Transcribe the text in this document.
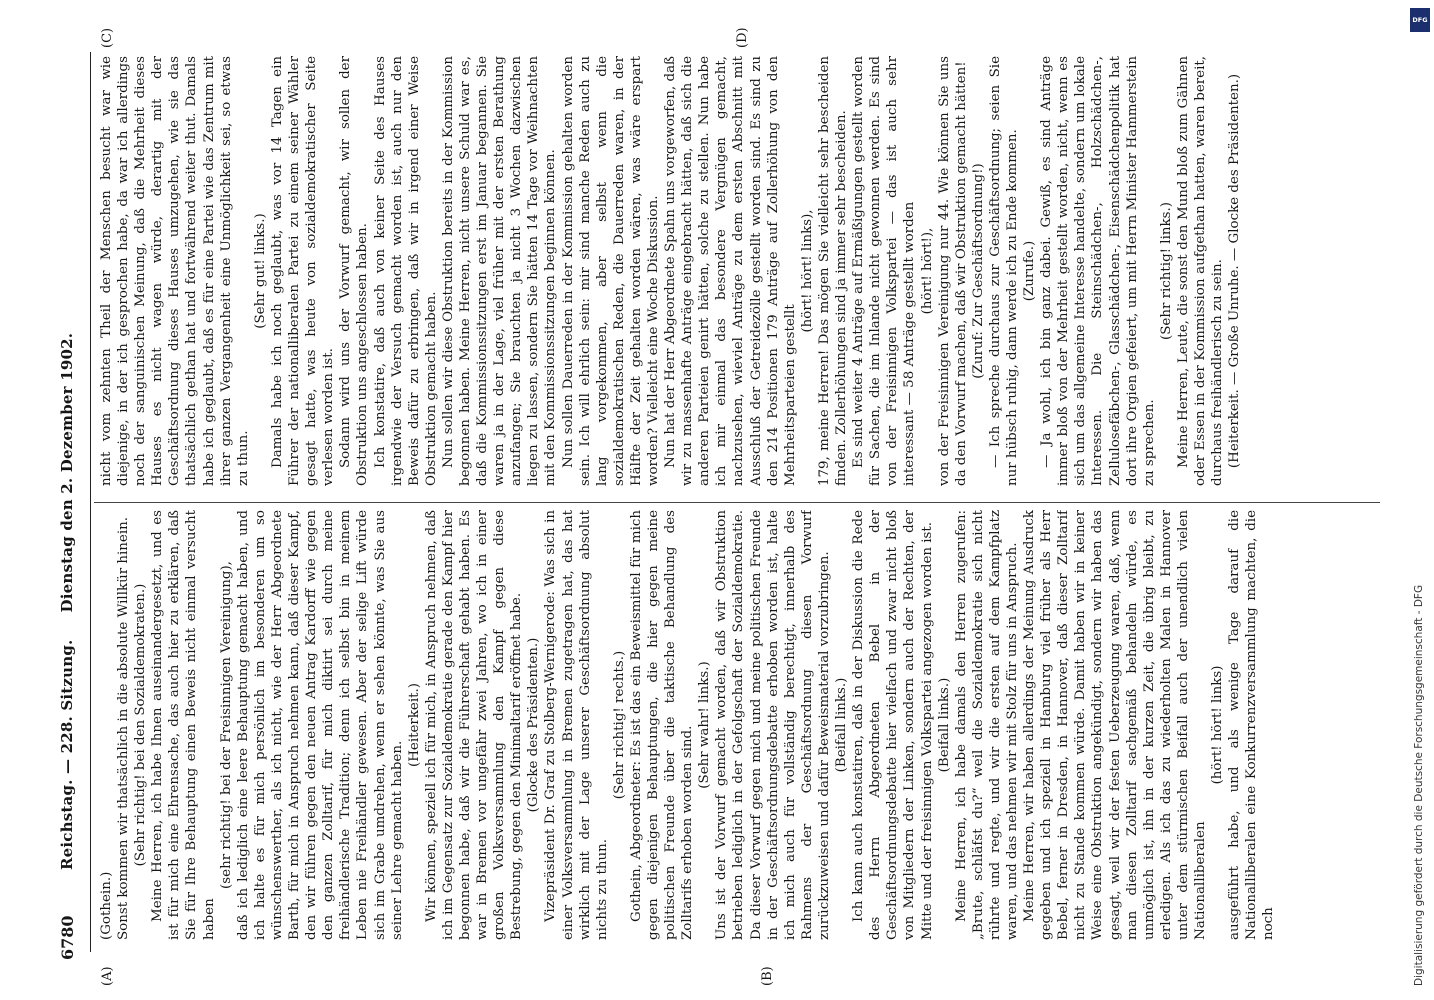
6780
Reichstag. — 228. Sitzung.     Dienstag den 2. Dezember 1902.
(A)	(B)
(C)	(D)

(Gothein.) Sonst kommen wir thatsächlich in die absolute Willkür hinein. (Sehr richtig! bei den Sozialdemokraten.) Meine Herren, ich habe Ihnen auseinandergesetzt, und es ist für mich eine Ehrensache, das auch hier zu erklären, daß Sie für Ihre Behauptung einen Beweis nicht einmal versucht haben

(sehr richtig! bei der Freisinnigen Vereinigung), daß ich lediglich eine leere Behauptung gemacht haben, und ich halte es für mich persönlich im besonderen um so wünschenswerther, als ich nicht, wie der Herr Abgeordnete Barth, für mich in Anspruch nehmen kann, daß dieser Kampf, den wir führen gegen den neuen Antrag Kardorff wie gegen den ganzen Zolltarif, für mich diktirt sei durch meine freihändlerische Tradition; denn ich selbst bin in meinem Leben nie Freihändler gewesen. Aber der selige Lift würde sich im Grabe umdrehen, wenn er sehen könnte, was Sie aus seiner Lehre gemacht haben.

(Heiterkeit.) Wir können, speziell ich für mich, in Anspruch nehmen, daß ich im Gegensatz zur Sozialdemokratie gerade den Kampf hier begonnen habe, daß wir die Führerschaft gehabt haben. Es war in Bremen vor ungefähr zwei Jahren, wo ich in einer großen Volksversammlung den Kampf gegen diese Bestrebung, gegen den Minimaltarif eröffnet habe. (Glocke des Präsidenten.) Vizepräsident Dr. Graf zu Stolberg-Wernigerode: Was sich in einer Volksversammlung in Bremen zugetragen hat, das hat wirklich mit der Lage unserer Geschäftsordnung absolut nichts zu thun.

(Sehr richtig! rechts.) Gothein, Abgeordneter: Es ist das ein Beweismittel für mich gegen diejenigen Behauptungen, die hier gegen meine politischen Freunde über die taktische Behandlung des Zolltarifs erhoben worden sind.

(Sehr wahr! links.) Uns ist der Vorwurf gemacht worden, daß wir Obstruktion betrieben lediglich in der Gefolgschaft der Sozialdemokratie. Da dieser Vorwurf gegen mich und meine politischen Freunde in der Geschäftsordnungsdebatte erhoben worden ist, halte ich mich auch für vollständig berechtigt, innerhalb des Rahmens der Geschäftsordnung diesen Vorwurf zurückzuweisen und dafür Beweismaterial vorzubringen. (Beifall links.) Ich kann auch konstatiren, daß in der Diskussion die Rede des Herrn Abgeordneten Bebel in der Geschäftsordnungsdebatte hier vielfach und zwar nicht bloß von Mitgliedern der Linken, sondern auch der Rechten, der Mitte und der freisinnigen Volkspartei angezogen worden ist. (Beifall links.) Meine Herren, ich habe damals den Herren zugerufen: „Brute, schläfst du?“ weil die Sozialdemokratie sich nicht rührte und regte, und wir die ersten auf dem Kampfplatz waren, und das nehmen wir mit Stolz für uns in Anspruch. Meine Herren, wir haben allerdings der Meinung Ausdruck gegeben und ich speziell in Hamburg viel früher als Herr Bebel, ferner in Dresden, in Hannover, daß dieser Zolltarif nicht zu Stande kommen würde. Damit haben wir in keiner Weise eine Obstruktion angekündigt, sondern wir haben das gesagt, weil wir der festen Ueberzeugung waren, daß, wenn man diesen Zolltarif sachgemäß behandeln würde, es unmöglich ist, ihn in der kurzen Zeit, die übrig bleibt, zu erledigen. Als ich das zu wiederholten Malen in Hannover unter dem stürmischen Beifall auch der unendlich vielen Nationalliberalen

(hört! hört! links) ausgeführt habe, und als wenige Tage darauf die Nationalliberalen eine Konkurrenzversammlung machten, die noch

nicht vom zehnten Theil der Menschen besucht war wie diejenige, in der ich gesprochen habe, da war ich allerdings noch der sanguinischen Meinung, daß die Mehrheit dieses Hauses es nicht wagen würde, derartig mit der Geschäftsordnung dieses Hauses umzugehen, wie sie das thatsächlich gethan hat und fortwährend weiter thut. Damals habe ich geglaubt, daß es für eine Partei wie das Zentrum mit ihrer ganzen Vergangenheit eine Unmöglichkeit sei, so etwas zu thun.

(Sehr gut! links.) Damals habe ich noch geglaubt, was vor 14 Tagen ein Führer der nationalliberalen Partei zu einem seiner Wähler gesagt hatte, was heute von sozialdemokratischer Seite verlesen worden ist. Sodann wird uns der Vorwurf gemacht, wir sollen der Obstruktion uns angeschlossen haben. Ich konstatire, daß auch von keiner Seite des Hauses irgendwie der Versuch gemacht worden ist, auch nur den Beweis dafür zu erbringen, daß wir in irgend einer Weise Obstruktion gemacht haben. Nun sollen wir diese Obstruktion bereits in der Kommission begonnen haben. Meine Herren, nicht unsere Schuld war es, daß die Kommissionssitzungen erst im Januar begannen. Sie waren ja in der Lage, viel früher mit der ersten Berathung anzufangen; Sie brauchten ja nicht 3 Wochen dazwischen liegen zu lassen, sondern Sie hätten 14 Tage vor Weihnachten mit den Kommissionssitzungen beginnen können. Nun sollen Dauerreden in der Kommission gehalten worden sein. Ich will ehrlich sein: mir sind manche Reden auch zu lang vorgekommen, aber selbst wenn die sozialdemokratischen Reden, die Dauerreden waren, in der Hälfte der Zeit gehalten worden wären, was wäre erspart worden? Vielleicht eine Woche Diskussion. Nun hat der Herr Abgeordnete Spahn uns vorgeworfen, daß wir zu massenhafte Anträge eingebracht hätten, daß sich die anderen Parteien genirt hätten, solche zu stellen. Nun habe ich mir einmal das besondere Vergnügen gemacht, nachzusehen, wieviel Anträge zu dem ersten Abschnitt mit Ausschluß der Getreidezölle gestellt worden sind. Es sind zu den 214 Positionen 179 Anträge auf Zollerhöhung von den Mehrheitsparteien gestellt

(hört! hört! links), 179, meine Herren! Das mögen Sie vielleicht sehr bescheiden finden. Zollerhöhungen sind ja immer sehr bescheiden. Es sind weiter 4 Anträge auf Ermäßigungen gestellt worden für Sachen, die im Inlande nicht gewonnen werden. Es sind von der Freisinnigen Volkspartei — das ist auch sehr interessant — 58 Anträge gestellt worden (hört! hört!), von der Freisinnigen Vereinigung nur 44. Wie können Sie uns da den Vorwurf machen, daß wir Obstruktion gemacht hätten! (Zuruf: Zur Geschäftsordnung!) — Ich spreche durchaus zur Geschäftsordnung; seien Sie nur hübsch ruhig, dann werde ich zu Ende kommen. (Zurufe.) — Ja wohl, ich bin ganz dabei. Gewiß, es sind Anträge immer bloß von der Mehrheit gestellt worden, nicht, wenn es sich um das allgemeine Interesse handelte, sondern um lokale Interessen. Die Steinschädchen-, Holzschädchen-, Zellulosefäbchen-, Glasschädchen-, Eisenschädchenpolitik hat dort ihre Orgien gefeiert, um mit Herrn Minister Hammerstein zu sprechen.

(Sehr richtig! links.) Meine Herren, Leute, die sonst den Mund bloß zum Gähnen oder Essen in der Kommission aufgethan hatten, waren bereit, durchaus freihändlerisch zu sein. (Heiterkeit. — Große Unruhe. — Glocke des Präsidenten.)

Digitalisierung gefördert durch die Deutsche Forschungsgemeinschaft - DFG
DFG
